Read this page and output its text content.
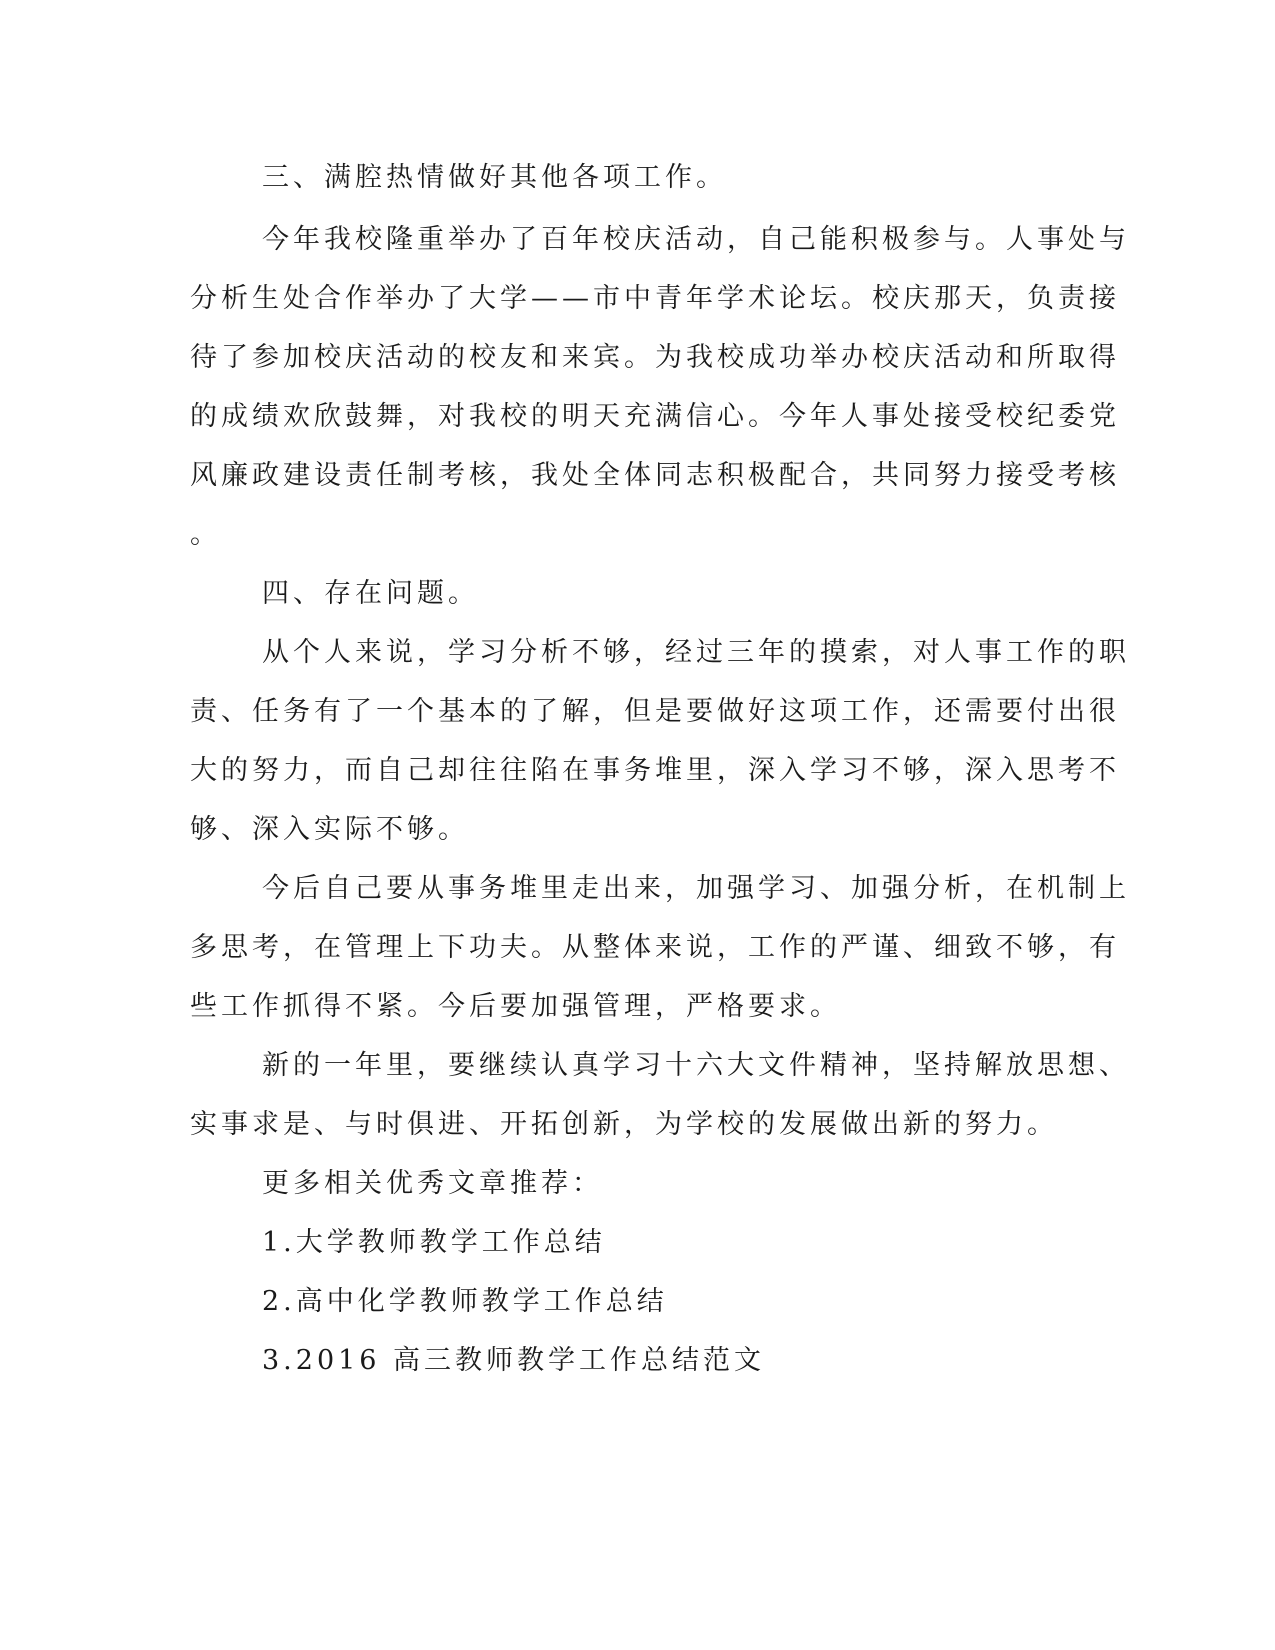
三、满腔热情做好其他各项工作。
今年我校隆重举办了百年校庆活动，自己能积极参与。人事处与
分析生处合作举办了大学——市中青年学术论坛。校庆那天，负责接
待了参加校庆活动的校友和来宾。为我校成功举办校庆活动和所取得
的成绩欢欣鼓舞，对我校的明天充满信心。今年人事处接受校纪委党
风廉政建设责任制考核，我处全体同志积极配合，共同努力接受考核
。
四、存在问题。
从个人来说，学习分析不够，经过三年的摸索，对人事工作的职
责、任务有了一个基本的了解，但是要做好这项工作，还需要付出很
大的努力，而自己却往往陷在事务堆里，深入学习不够，深入思考不
够、深入实际不够。
今后自己要从事务堆里走出来，加强学习、加强分析，在机制上
多思考，在管理上下功夫。从整体来说，工作的严谨、细致不够，有
些工作抓得不紧。今后要加强管理，严格要求。
新的一年里，要继续认真学习十六大文件精神，坚持解放思想、
实事求是、与时俱进、开拓创新，为学校的发展做出新的努力。
更多相关优秀文章推荐：
1.大学教师教学工作总结
2.高中化学教师教学工作总结
3.2016 高三教师教学工作总结范文
